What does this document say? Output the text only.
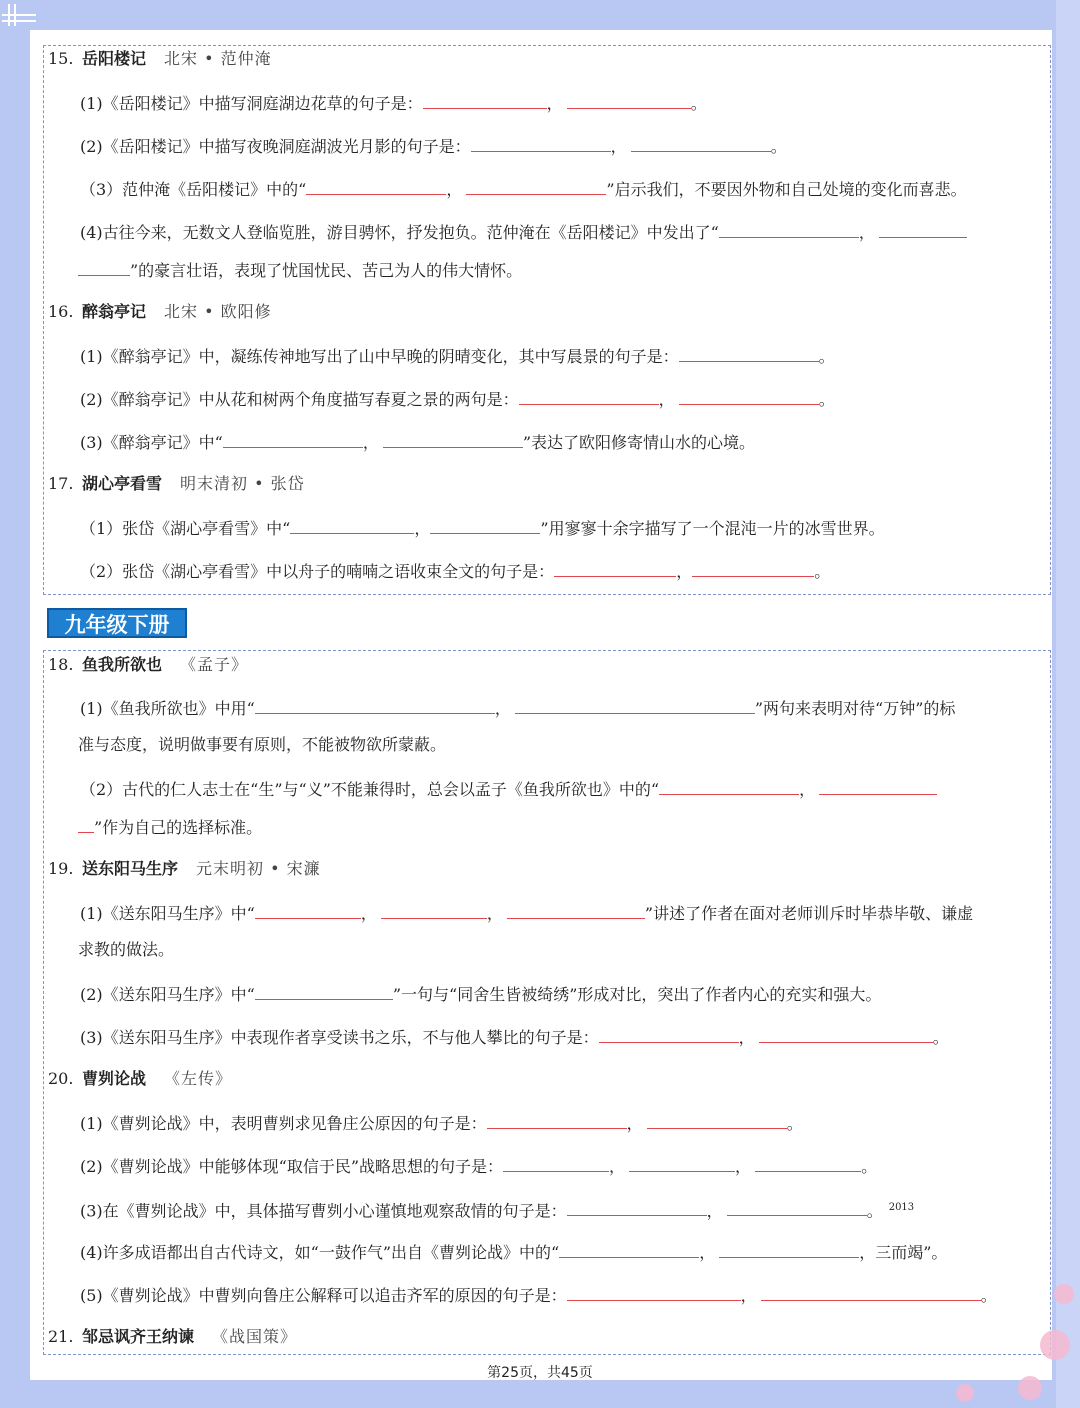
九年级下册
15. 岳阳楼记 北宋 • 范仲淹
(1)《岳阳楼记》中描写洞庭湖边花草的句子是：	，	。
(2)《岳阳楼记》中描写夜晚洞庭湖波光月影的句子是：	，	。
（3）范仲淹《岳阳楼记》中的“	，	”启示我们，不要因外物和自己处境的变化而喜悲。
(4)古往今来，无数文人登临览胜，游目骋怀，抒发抱负。范仲淹在《岳阳楼记》中发出了“	，
”的豪言壮语，表现了忧国忧民、苦己为人的伟大情怀。
16. 醉翁亭记 北宋 • 欧阳修
(1)《醉翁亭记》中，凝练传神地写出了山中早晚的阴晴变化，其中写晨景的句子是：	。
(2)《醉翁亭记》中从花和树两个角度描写春夏之景的两句是：	，	。
(3)《醉翁亭记》中“	，	”表达了欧阳修寄情山水的心境。
17. 湖心亭看雪 明末清初 • 张岱
（1）张岱《湖心亭看雪》中“	，	”用寥寥十余字描写了一个混沌一片的冰雪世界。
（2）张岱《湖心亭看雪》中以舟子的喃喃之语收束全文的句子是：	，	。
18. 鱼我所欲也 《孟子》
(1)《鱼我所欲也》中用“	，	”两句来表明对待“万钟”的标
准与态度，说明做事要有原则，不能被物欲所蒙蔽。
（2）古代的仁人志士在“生”与“义”不能兼得时，总会以孟子《鱼我所欲也》中的“	，
”作为自己的选择标准。
19. 送东阳马生序 元末明初 • 宋濂
(1)《送东阳马生序》中“	，	，	”讲述了作者在面对老师训斥时毕恭毕敬、谦虚
求教的做法。
(2)《送东阳马生序》中“	”一句与“同舍生皆被绮绣”形成对比，突出了作者内心的充实和强大。
(3)《送东阳马生序》中表现作者享受读书之乐，不与他人攀比的句子是：	，	。
20. 曹刿论战 《左传》
(1)《曹刿论战》中，表明曹刿求见鲁庄公原因的句子是：	，	。
(2)《曹刿论战》中能够体现“取信于民”战略思想的句子是：	，	，	。
(3)在《曹刿论战》中，具体描写曹刿小心谨慎地观察敌情的句子是：	，	。 $^{2013}$
(4)许多成语都出自古代诗文，如“一鼓作气”出自《曹刿论战》中的“	，	，三而竭”。
(5)《曹刿论战》中曹刿向鲁庄公解释可以追击齐军的原因的句子是：	，	。
21. 邹忌讽齐王纳谏 《战国策》
第25页，共45页
